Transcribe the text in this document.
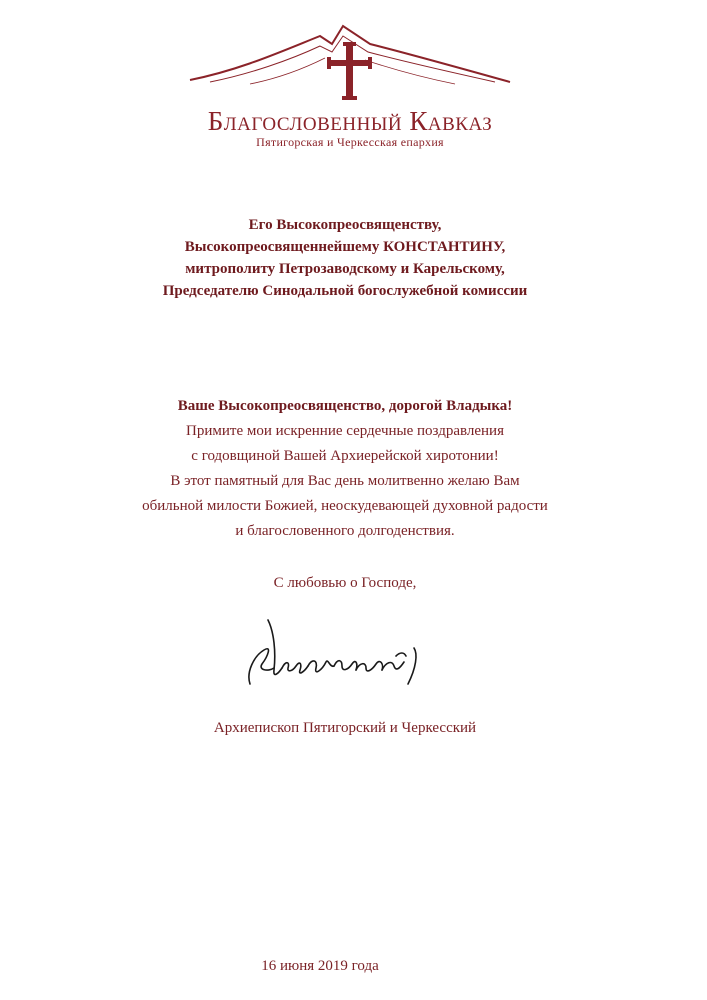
Благословенный Кавказ
Пятигорская и Черкесская епархия
Его Высокопреосвященству,
Высокопреосвященнейшему КОНСТАНТИНУ,
митрополиту Петрозаводскому и Карельскому,
Председателю Синодальной богослужебной комиссии
Ваше Высокопреосвященство, дорогой Владыка!
Примите мои искренние сердечные поздравления
с годовщиной Вашей Архиерейской хиротонии!
В этот памятный для Вас день молитвенно желаю Вам
обильной милости Божией, неоскудевающей духовной радости
и благословенного долгоденствия.
С любовью о Господе,
Архиепископ Пятигорский и Черкесский
16 июня 2019 года
